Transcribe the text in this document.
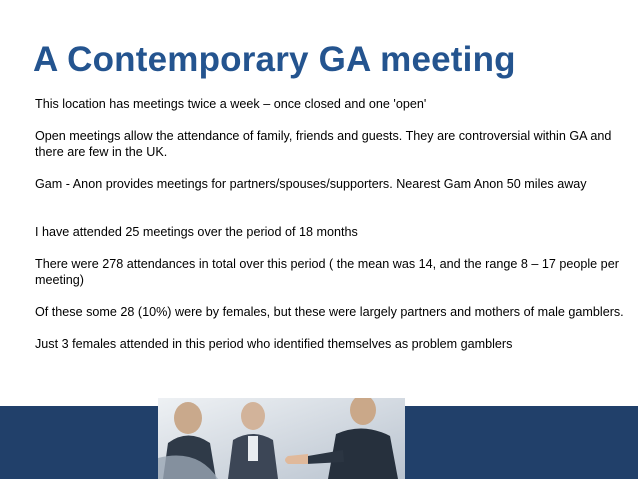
A Contemporary GA meeting

This location has meetings twice a week – once closed and one 'open'

Open meetings allow the attendance of family, friends and guests. They are controversial within GA and there are few in the UK.

Gam - Anon provides meetings for partners/spouses/supporters. Nearest Gam Anon 50 miles away

I have attended 25 meetings over the period of 18 months

There were 278 attendances in total over this period ( the mean was 14, and the range 8 – 17 people per meeting)

Of these some 28 (10%) were by females, but these were largely partners and mothers of male gamblers.

Just 3 females attended in this period who identified themselves as problem gamblers
